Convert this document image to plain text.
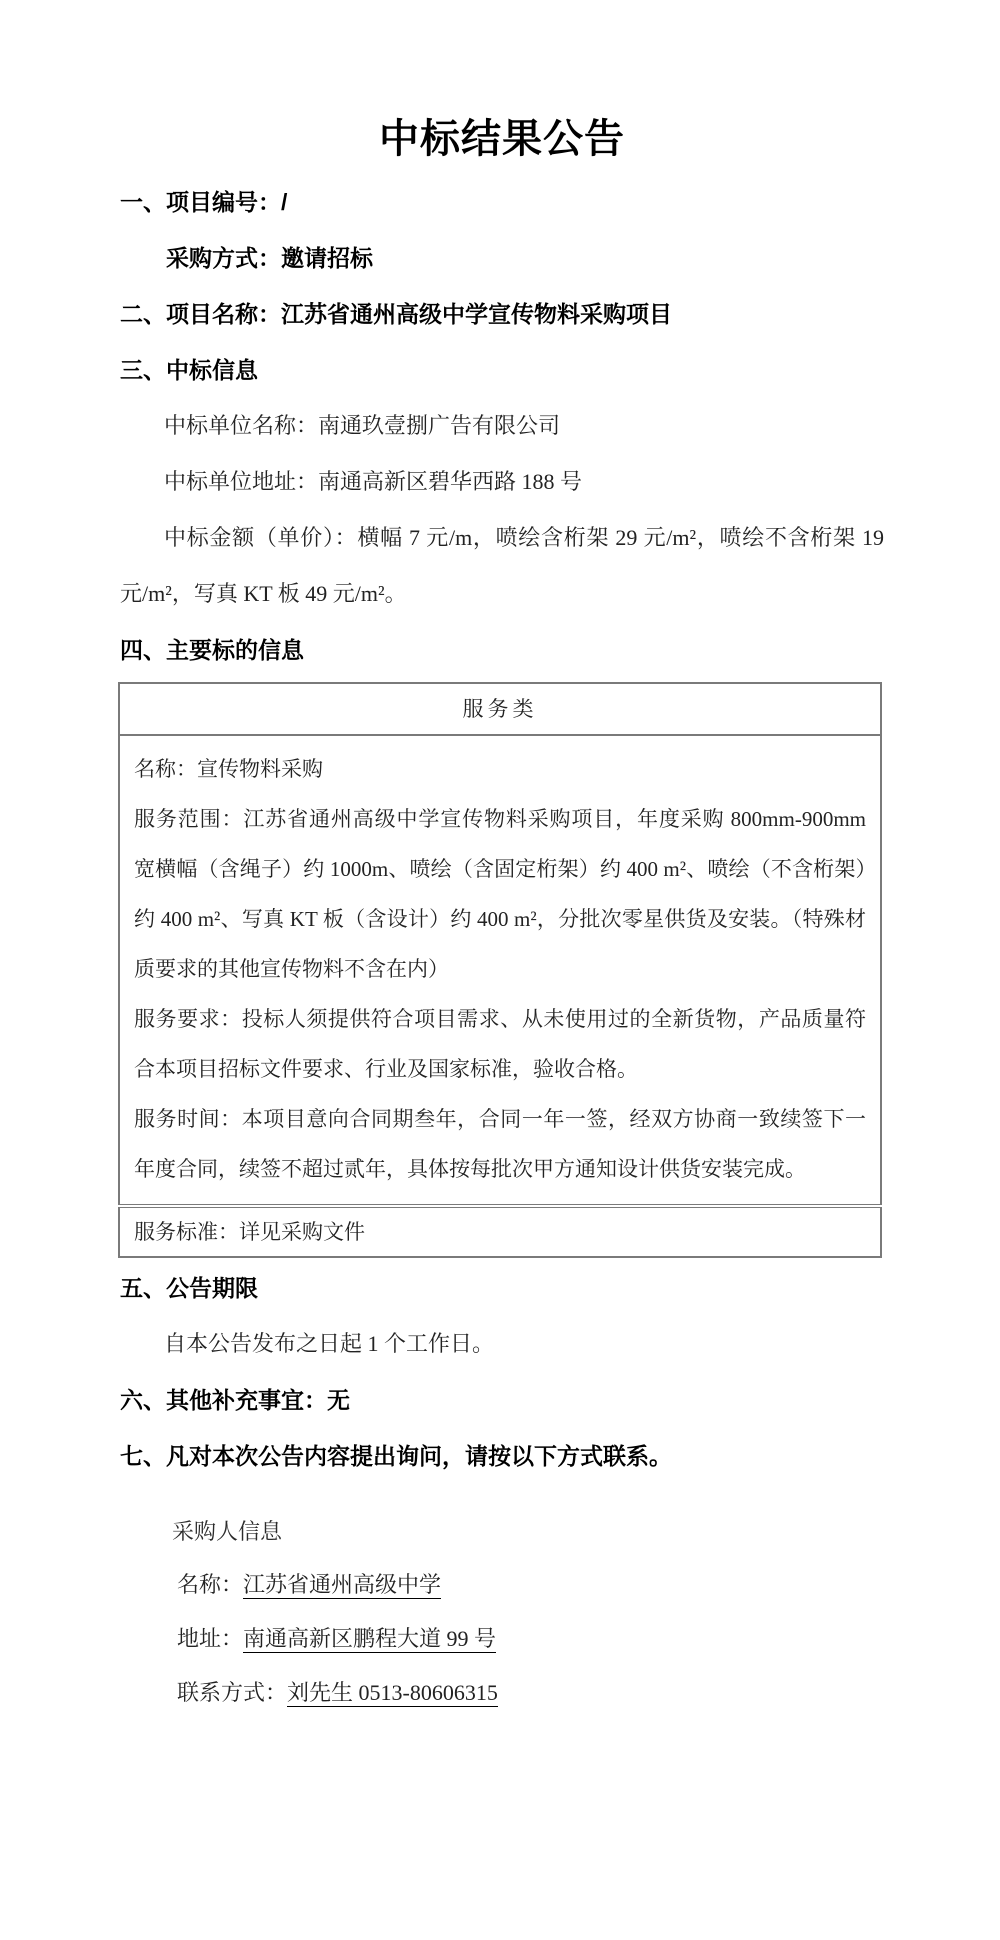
中标结果公告

一、项目编号：/

采购方式：邀请招标

二、项目名称：江苏省通州高级中学宣传物料采购项目

三、中标信息

中标单位名称：南通玖壹捌广告有限公司

中标单位地址：南通高新区碧华西路 188 号

中标金额（单价）：横幅 7 元/m，喷绘含桁架 29 元/m²，喷绘不含桁架 19 元/m²，写真 KT 板 49 元/m²。

四、主要标的信息

服务类

名称：宣传物料采购

服务范围：江苏省通州高级中学宣传物料采购项目，年度采购 800mm-900mm 宽横幅（含绳子）约 1000m、喷绘（含固定桁架）约 400 m²、喷绘（不含桁架）约 400 m²、写真 KT 板（含设计）约 400 m²，分批次零星供货及安装。（特殊材质要求的其他宣传物料不含在内）

服务要求：投标人须提供符合项目需求、从未使用过的全新货物，产品质量符合本项目招标文件要求、行业及国家标准，验收合格。

服务时间：本项目意向合同期叁年，合同一年一签，经双方协商一致续签下一年度合同，续签不超过贰年，具体按每批次甲方通知设计供货安装完成。

服务标准：详见采购文件

五、公告期限

自本公告发布之日起 1 个工作日。

六、其他补充事宜：无

七、凡对本次公告内容提出询问，请按以下方式联系。

采购人信息

名称：江苏省通州高级中学

地址：南通高新区鹏程大道 99 号

联系方式：刘先生 0513-80606315
